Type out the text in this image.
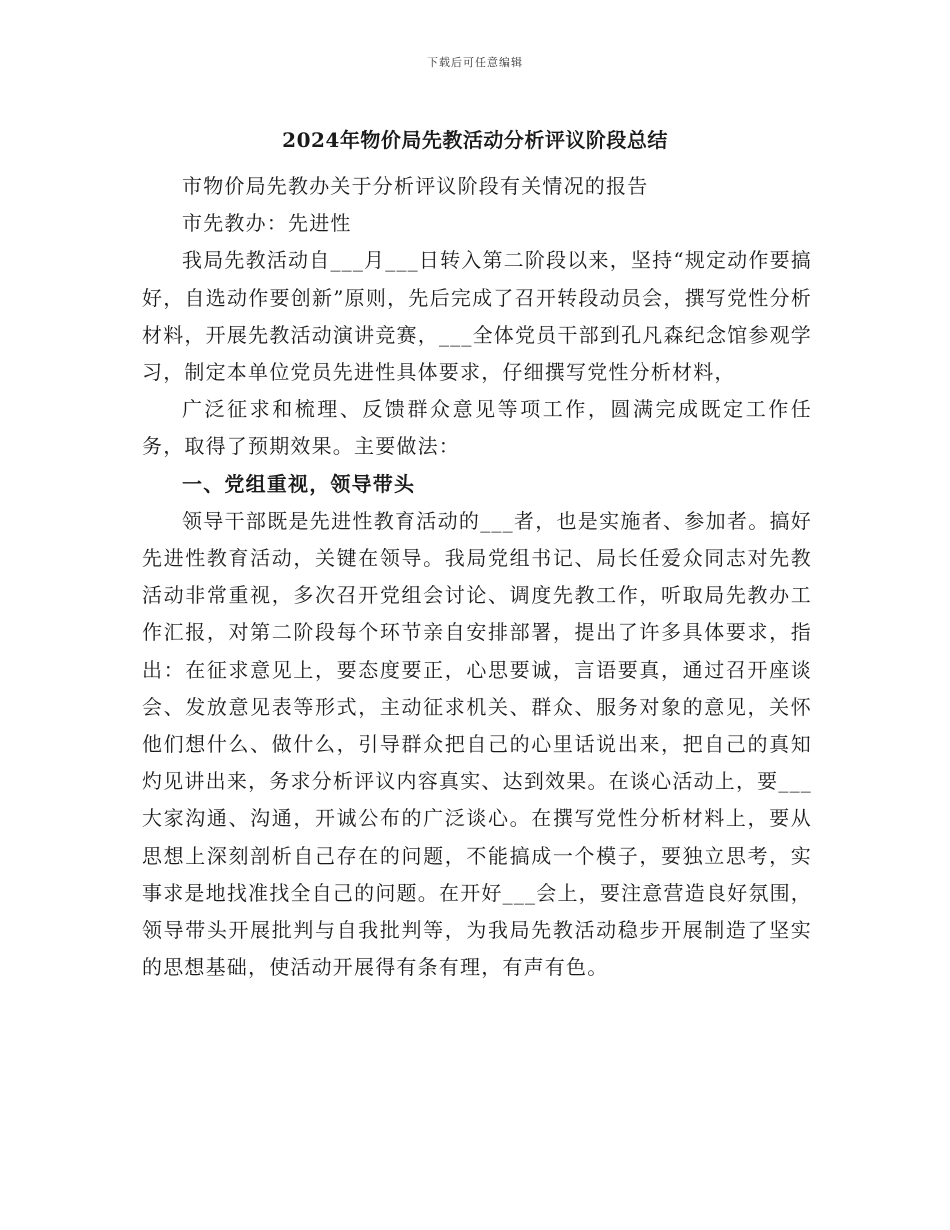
下载后可任意编辑
2024年物价局先教活动分析评议阶段总结

市物价局先教办关于分析评议阶段有关情况的报告

市先教办：先进性

我局先教活动自___月___日转入第二阶段以来，坚持“规定动作要搞好，自选动作要创新”原则，先后完成了召开转段动员会，撰写党性分析材料，开展先教活动演讲竞赛，___全体党员干部到孔凡森纪念馆参观学习，制定本单位党员先进性具体要求，仔细撰写党性分析材料，

广泛征求和梳理、反馈群众意见等项工作，圆满完成既定工作任务，取得了预期效果。主要做法：

一、党组重视，领导带头

领导干部既是先进性教育活动的___者，也是实施者、参加者。搞好先进性教育活动，关键在领导。我局党组书记、局长任爱众同志对先教活动非常重视，多次召开党组会讨论、调度先教工作，听取局先教办工作汇报，对第二阶段每个环节亲自安排部署，提出了许多具体要求，指出：在征求意见上，要态度要正，心思要诚，言语要真，通过召开座谈会、发放意见表等形式，主动征求机关、群众、服务对象的意见，关怀他们想什么、做什么，引导群众把自己的心里话说出来，把自己的真知灼见讲出来，务求分析评议内容真实、达到效果。在谈心活动上，要___大家沟通、沟通，开诚公布的广泛谈心。在撰写党性分析材料上，要从思想上深刻剖析自己存在的问题，不能搞成一个模子，要独立思考，实事求是地找准找全自己的问题。在开好___会上，要注意营造良好氛围，领导带头开展批判与自我批判等，为我局先教活动稳步开展制造了坚实的思想基础，使活动开展得有条有理，有声有色。
